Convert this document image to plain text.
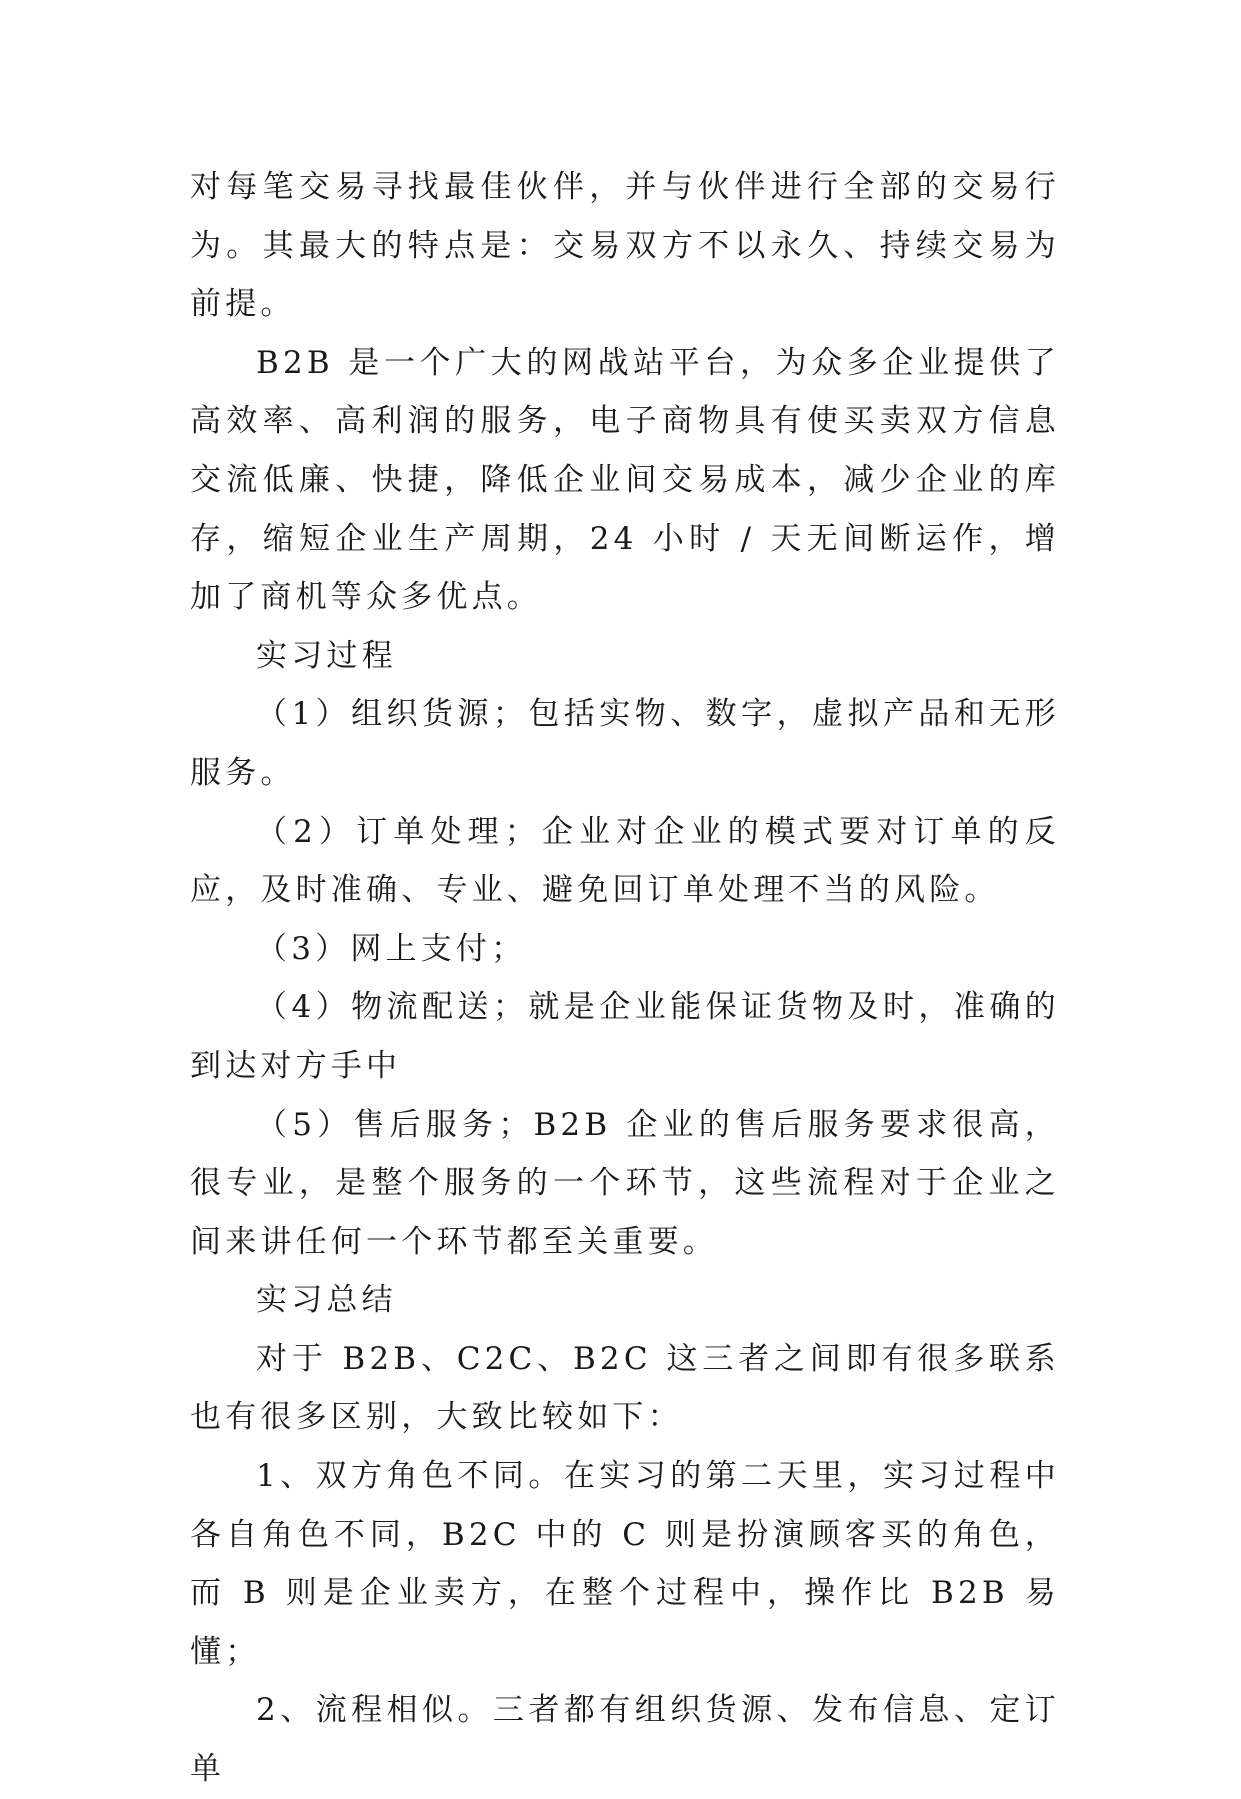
对每笔交易寻找最佳伙伴，并与伙伴进行全部的交易行为。其最大的特点是：交易双方不以永久、持续交易为前提。

B2B 是一个广大的网战站平台，为众多企业提供了高效率、高利润的服务，电子商物具有使买卖双方信息交流低廉、快捷，降低企业间交易成本，减少企业的库存，缩短企业生产周期，24 小时 / 天无间断运作，增加了商机等众多优点。

实习过程

（1）组织货源；包括实物、数字，虚拟产品和无形服务。

（2）订单处理；企业对企业的模式要对订单的反应，及时准确、专业、避免回订单处理不当的风险。

（3）网上支付；

（4）物流配送；就是企业能保证货物及时，准确的到达对方手中

（5）售后服务；B2B 企业的售后服务要求很高，很专业，是整个服务的一个环节，这些流程对于企业之间来讲任何一个环节都至关重要。

实习总结

对于 B2B、C2C、B2C 这三者之间即有很多联系也有很多区别，大致比较如下：

1、双方角色不同。在实习的第二天里，实习过程中各自角色不同，B2C 中的 C 则是扮演顾客买的角色，而 B 则是企业卖方，在整个过程中，操作比 B2B 易懂；

2、流程相似。三者都有组织货源、发布信息、定订单
